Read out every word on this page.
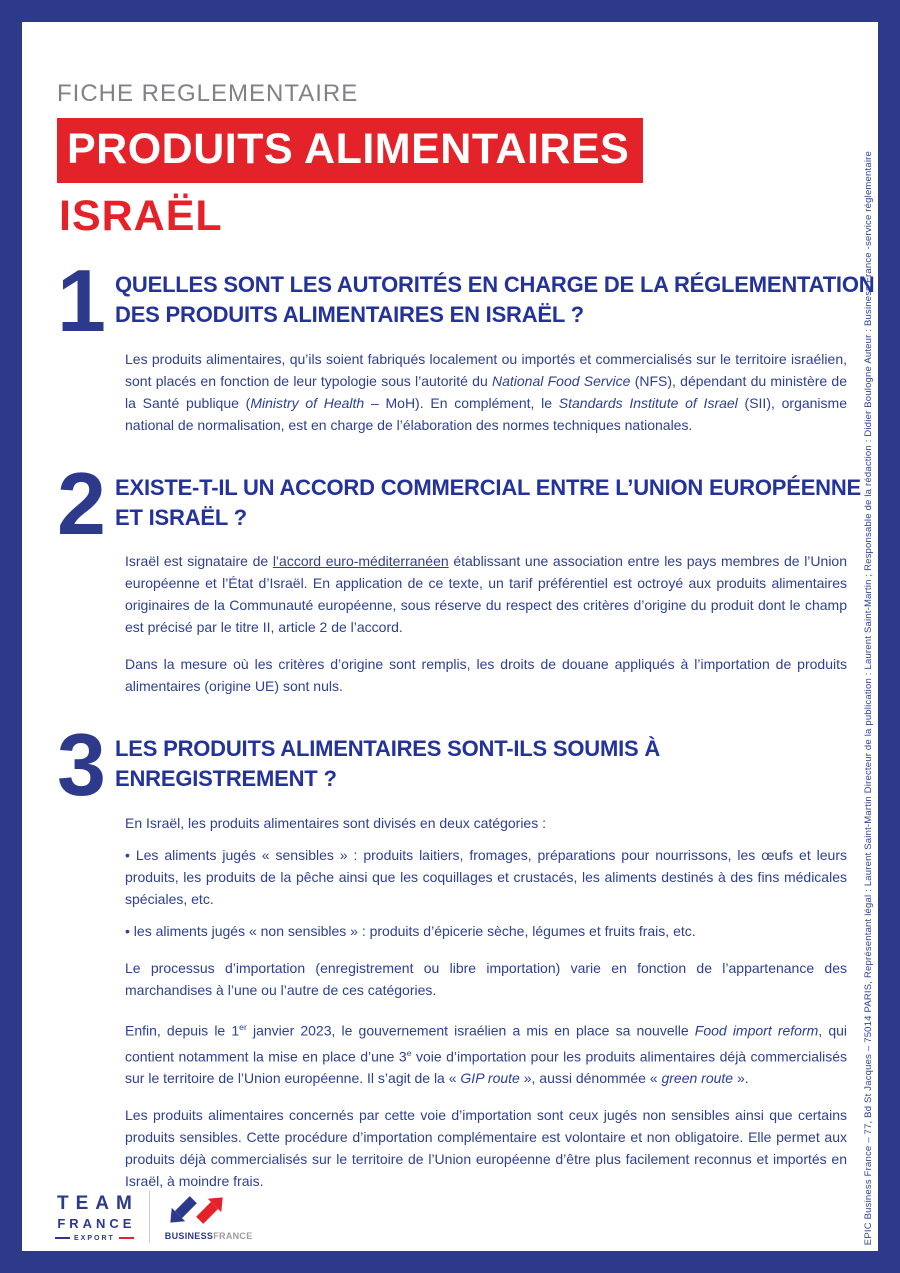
FICHE REGLEMENTAIRE
PRODUITS ALIMENTAIRES
ISRAËL
1 QUELLES SONT LES AUTORITÉS EN CHARGE DE LA RÉGLEMENTATION
DES PRODUITS ALIMENTAIRES EN ISRAËL ?

Les produits alimentaires, qu’ils soient fabriqués localement ou importés et commercialisés sur le territoire israélien, sont placés en fonction de leur typologie sous l’autorité du National Food Service (NFS), dépendant du ministère de la Santé publique (Ministry of Health – MoH). En complément, le Standards Institute of Israel (SII), organisme national de normalisation, est en charge de l’élaboration des normes techniques nationales.

2 EXISTE-T-IL UN ACCORD COMMERCIAL ENTRE L’UNION EUROPÉENNE
ET ISRAËL ?

Israël est signataire de l’accord euro-méditerranéen établissant une association entre les pays membres de l’Union européenne et l’État d’Israël. En application de ce texte, un tarif préférentiel est octroyé aux produits alimentaires originaires de la Communauté européenne, sous réserve du respect des critères d’origine du produit dont le champ est précisé par le titre II, article 2 de l’accord.

Dans la mesure où les critères d’origine sont remplis, les droits de douane appliqués à l’importation de produits alimentaires (origine UE) sont nuls.

3 LES PRODUITS ALIMENTAIRES SONT-ILS SOUMIS À
ENREGISTREMENT ?

En Israël, les produits alimentaires sont divisés en deux catégories :

• Les aliments jugés « sensibles » : produits laitiers, fromages, préparations pour nourrissons, les œufs et leurs produits, les produits de la pêche ainsi que les coquillages et crustacés, les aliments destinés à des fins médicales spéciales, etc.

• les aliments jugés « non sensibles » : produits d’épicerie sèche, légumes et fruits frais, etc.

Le processus d’importation (enregistrement ou libre importation) varie en fonction de l’appartenance des marchandises à l’une ou l’autre de ces catégories.

Enfin, depuis le 1er janvier 2023, le gouvernement israélien a mis en place sa nouvelle Food import reform, qui contient notamment la mise en place d’une 3e voie d’importation pour les produits alimentaires déjà commercialisés sur le territoire de l’Union européenne. Il s’agit de la « GIP route », aussi dénommée « green route ».

Les produits alimentaires concernés par cette voie d’importation sont ceux jugés non sensibles ainsi que certains produits sensibles. Cette procédure d’importation complémentaire est volontaire et non obligatoire. Elle permet aux produits déjà commercialisés sur le territoire de l’Union européenne d’être plus facilement reconnus et importés en Israël, à moindre frais.

TEAM
FRANCE
EXPORT	BUSINESSFRANCE	EPIC Business France – 77, Bd St Jacques – 75014 PARIS, Représentant légal : Laurent Saint-Martin Directeur de la publication : Laurent Saint-Martin ; Responsable de la rédaction : Didier Boulogne Auteur : Business France -service réglementaire
